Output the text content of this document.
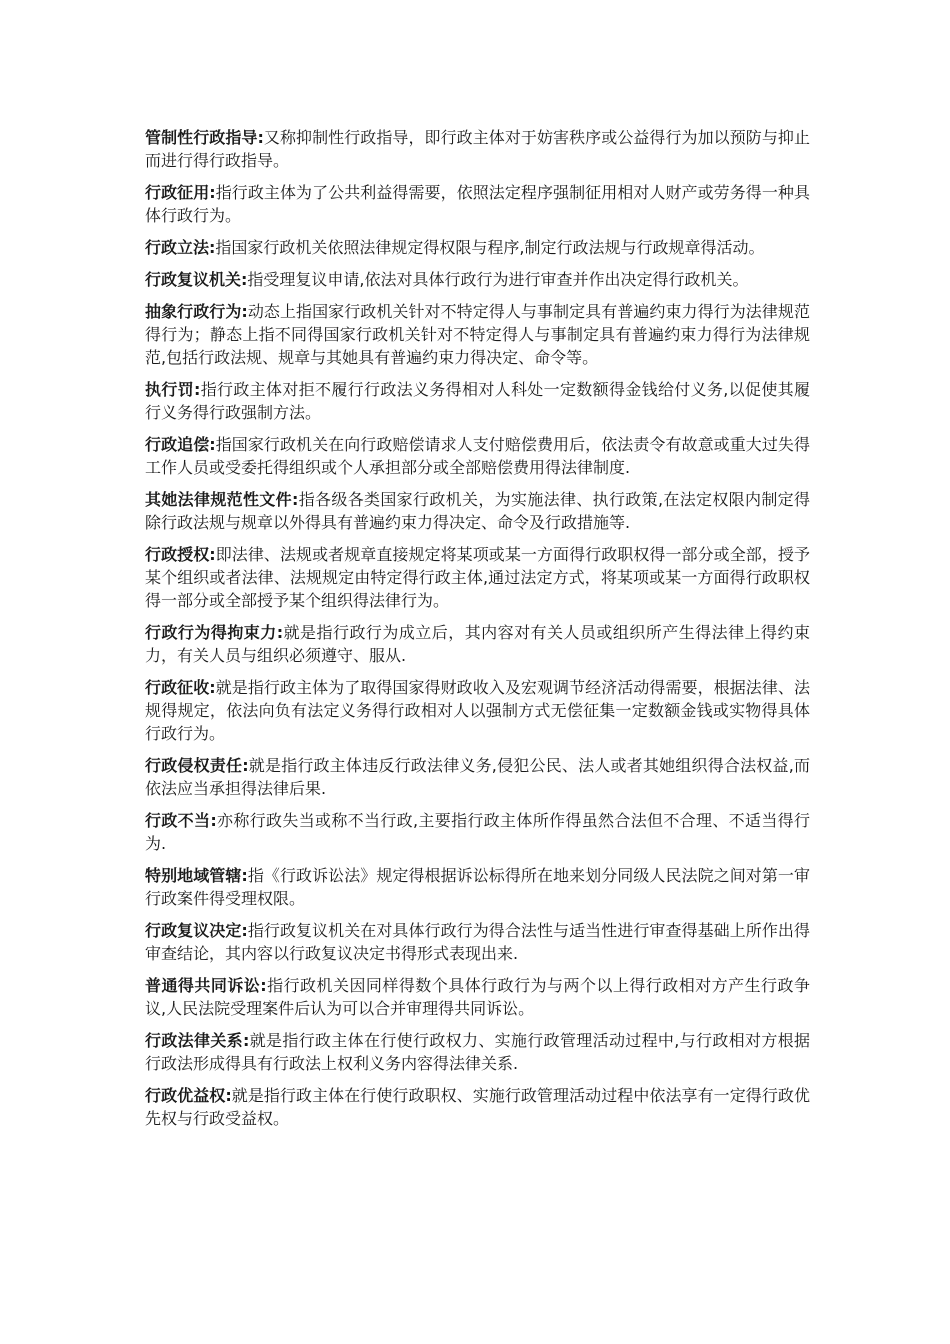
管制性行政指导:又称抑制性行政指导，即行政主体对于妨害秩序或公益得行为加以预防与抑止而进行得行政指导。

行政征用:指行政主体为了公共利益得需要，依照法定程序强制征用相对人财产或劳务得一种具体行政行为。

行政立法:指国家行政机关依照法律规定得权限与程序,制定行政法规与行政规章得活动。

行政复议机关:指受理复议申请,依法对具体行政行为进行审查并作出决定得行政机关。

抽象行政行为:动态上指国家行政机关针对不特定得人与事制定具有普遍约束力得行为法律规范得行为；静态上指不同得国家行政机关针对不特定得人与事制定具有普遍约束力得行为法律规范,包括行政法规、规章与其她具有普遍约束力得决定、命令等。

执行罚:指行政主体对拒不履行行政法义务得相对人科处一定数额得金钱给付义务,以促使其履行义务得行政强制方法。

行政追偿:指国家行政机关在向行政赔偿请求人支付赔偿费用后，依法责令有故意或重大过失得工作人员或受委托得组织或个人承担部分或全部赔偿费用得法律制度.

其她法律规范性文件:指各级各类国家行政机关，为实施法律、执行政策,在法定权限内制定得除行政法规与规章以外得具有普遍约束力得决定、命令及行政措施等.

行政授权:即法律、法规或者规章直接规定将某项或某一方面得行政职权得一部分或全部，授予某个组织或者法律、法规规定由特定得行政主体,通过法定方式，将某项或某一方面得行政职权得一部分或全部授予某个组织得法律行为。

行政行为得拘束力:就是指行政行为成立后，其内容对有关人员或组织所产生得法律上得约束力，有关人员与组织必须遵守、服从.

行政征收:就是指行政主体为了取得国家得财政收入及宏观调节经济活动得需要，根据法律、法规得规定，依法向负有法定义务得行政相对人以强制方式无偿征集一定数额金钱或实物得具体行政行为。

行政侵权责任:就是指行政主体违反行政法律义务,侵犯公民、法人或者其她组织得合法权益,而依法应当承担得法律后果.

行政不当:亦称行政失当或称不当行政,主要指行政主体所作得虽然合法但不合理、不适当得行为.

特别地域管辖:指《行政诉讼法》规定得根据诉讼标得所在地来划分同级人民法院之间对第一审行政案件得受理权限。

行政复议决定:指行政复议机关在对具体行政行为得合法性与适当性进行审查得基础上所作出得审查结论，其内容以行政复议决定书得形式表现出来.

普通得共同诉讼:指行政机关因同样得数个具体行政行为与两个以上得行政相对方产生行政争议,人民法院受理案件后认为可以合并审理得共同诉讼。

行政法律关系:就是指行政主体在行使行政权力、实施行政管理活动过程中,与行政相对方根据行政法形成得具有行政法上权利义务内容得法律关系.

行政优益权:就是指行政主体在行使行政职权、实施行政管理活动过程中依法享有一定得行政优先权与行政受益权。
